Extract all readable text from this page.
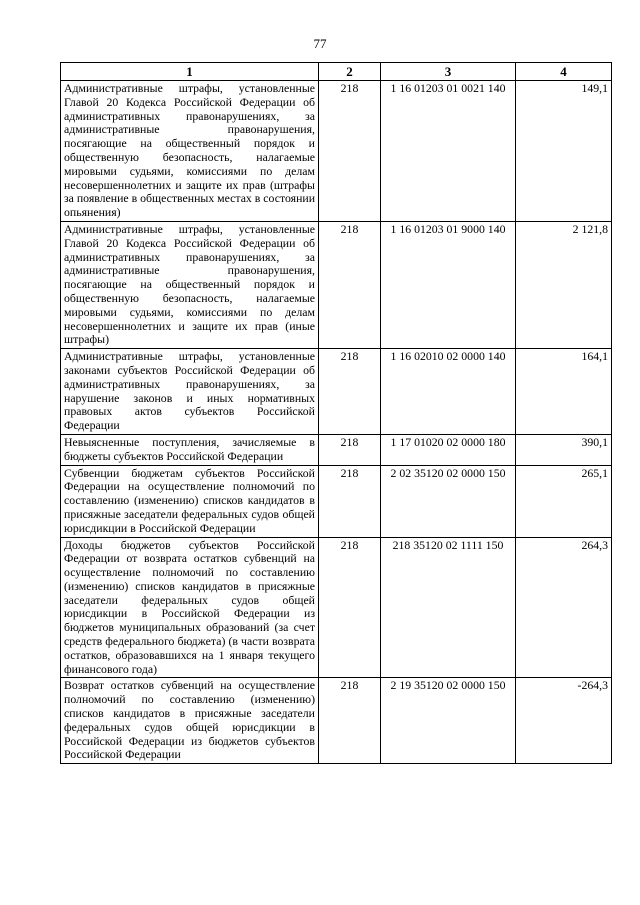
77
1	2	3	4
Административные штрафы, установленные Главой 20 Кодекса Российской Федерации об административных правонарушениях, за административные правонарушения, посягающие на общественный порядок и общественную безопасность, налагаемые мировыми судьями, комиссиями по делам несовершеннолетних и защите их прав (штрафы за появление в общественных местах в состоянии опьянения)	218	1 16 01203 01 0021 140	149,1
Административные штрафы, установленные Главой 20 Кодекса Российской Федерации об административных правонарушениях, за административные правонарушения, посягающие на общественный порядок и общественную безопасность, налагаемые мировыми судьями, комиссиями по делам несовершеннолетних и защите их прав (иные штрафы)	218	1 16 01203 01 9000 140	2 121,8
Административные штрафы, установленные законами субъектов Российской Федерации об административных правонарушениях, за нарушение законов и иных нормативных правовых актов субъектов Российской Федерации	218	1 16 02010 02 0000 140	164,1
Невыясненные поступления, зачисляемые в бюджеты субъектов Российской Федерации	218	1 17 01020 02 0000 180	390,1
Субвенции бюджетам субъектов Российской Федерации на осуществление полномочий по составлению (изменению) списков кандидатов в присяжные заседатели федеральных судов общей юрисдикции в Российской Федерации	218	2 02 35120 02 0000 150	265,1
Доходы бюджетов субъектов Российской Федерации от возврата остатков субвенций на осуществление полномочий по составлению (изменению) списков кандидатов в присяжные заседатели федеральных судов общей юрисдикции в Российской Федерации из бюджетов муниципальных образований (за счет средств федерального бюджета) (в части возврата остатков, образовавшихся на 1 января текущего финансового года)	218	218 35120 02 1111 150	264,3
Возврат остатков субвенций на осуществление полномочий по составлению (изменению) списков кандидатов в присяжные заседатели федеральных судов общей юрисдикции в Российской Федерации из бюджетов субъектов Российской Федерации	218	2 19 35120 02 0000 150	-264,3
